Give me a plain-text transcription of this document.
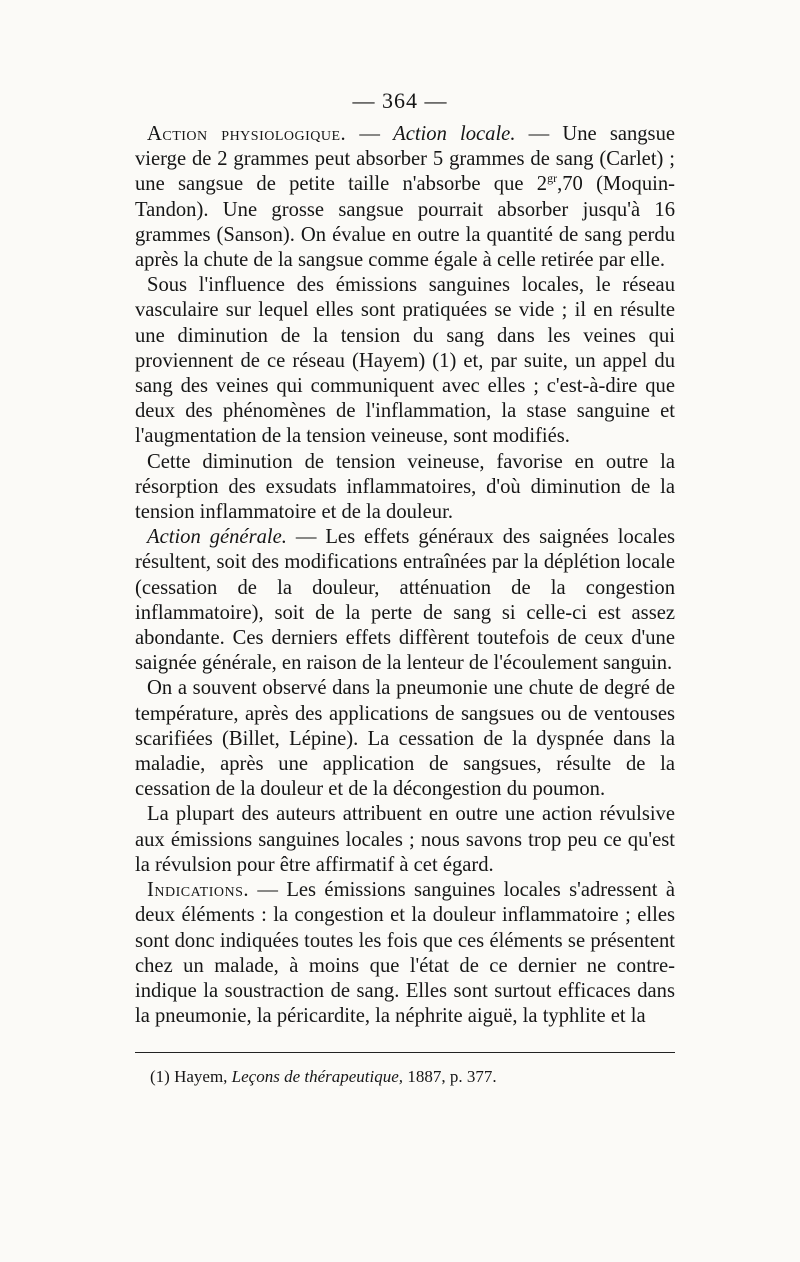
— 364 —

Action physiologique. — Action locale. — Une sangsue vierge de 2 grammes peut absorber 5 grammes de sang (Carlet) ; une sangsue de petite taille n'absorbe que $2^{gr},70$ (Moquin-Tandon). Une grosse sangsue pourrait absorber jusqu'à 16 grammes (Sanson). On évalue en outre la quantité de sang perdu après la chute de la sangsue comme égale à celle retirée par elle.

Sous l'influence des émissions sanguines locales, le réseau vasculaire sur lequel elles sont pratiquées se vide ; il en résulte une diminution de la tension du sang dans les veines qui proviennent de ce réseau (Hayem) (1) et, par suite, un appel du sang des veines qui communiquent avec elles ; c'est-à-dire que deux des phénomènes de l'inflammation, la stase sanguine et l'augmentation de la tension veineuse, sont modifiés.

Cette diminution de tension veineuse, favorise en outre la résorption des exsudats inflammatoires, d'où diminution de la tension inflammatoire et de la douleur.

Action générale. — Les effets généraux des saignées locales résultent, soit des modifications entraînées par la déplétion locale (cessation de la douleur, atténuation de la congestion inflammatoire), soit de la perte de sang si celle-ci est assez abondante. Ces derniers effets diffèrent toutefois de ceux d'une saignée générale, en raison de la lenteur de l'écoulement sanguin.

On a souvent observé dans la pneumonie une chute de degré de température, après des applications de sangsues ou de ventouses scarifiées (Billet, Lépine). La cessation de la dyspnée dans la maladie, après une application de sangsues, résulte de la cessation de la douleur et de la décongestion du poumon.

La plupart des auteurs attribuent en outre une action révulsive aux émissions sanguines locales ; nous savons trop peu ce qu'est la révulsion pour être affirmatif à cet égard.

Indications. — Les émissions sanguines locales s'adressent à deux éléments : la congestion et la douleur inflammatoire ; elles sont donc indiquées toutes les fois que ces éléments se présentent chez un malade, à moins que l'état de ce dernier ne contre-indique la soustraction de sang. Elles sont surtout efficaces dans la pneumonie, la péricardite, la néphrite aiguë, la typhlite et la

(1) Hayem, Leçons de thérapeutique, 1887, p. 377.
